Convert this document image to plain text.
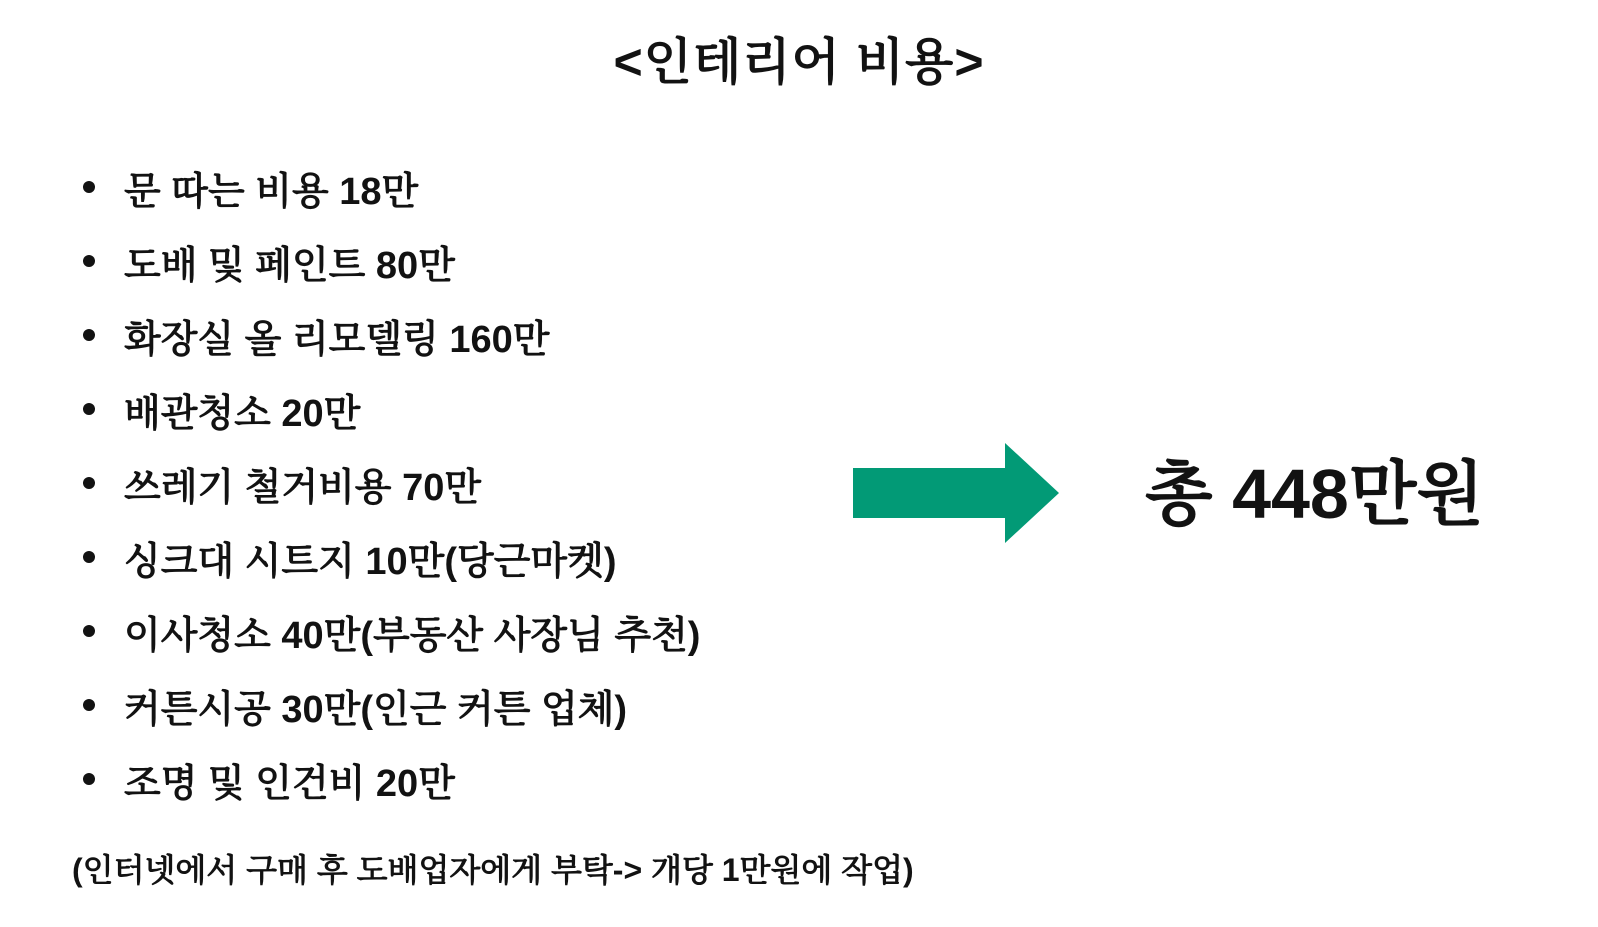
<인테리어 비용>
문 따는 비용 18만
도배 및 페인트 80만
화장실 올 리모델링 160만
배관청소 20만
쓰레기 철거비용 70만
싱크대 시트지 10만(당근마켓)
이사청소 40만(부동산 사장님 추천)
커튼시공 30만(인근 커튼 업체)
조명 및 인건비 20만
(인터넷에서 구매 후 도배업자에게 부탁-> 개당 1만원에 작업)
총 448만원
